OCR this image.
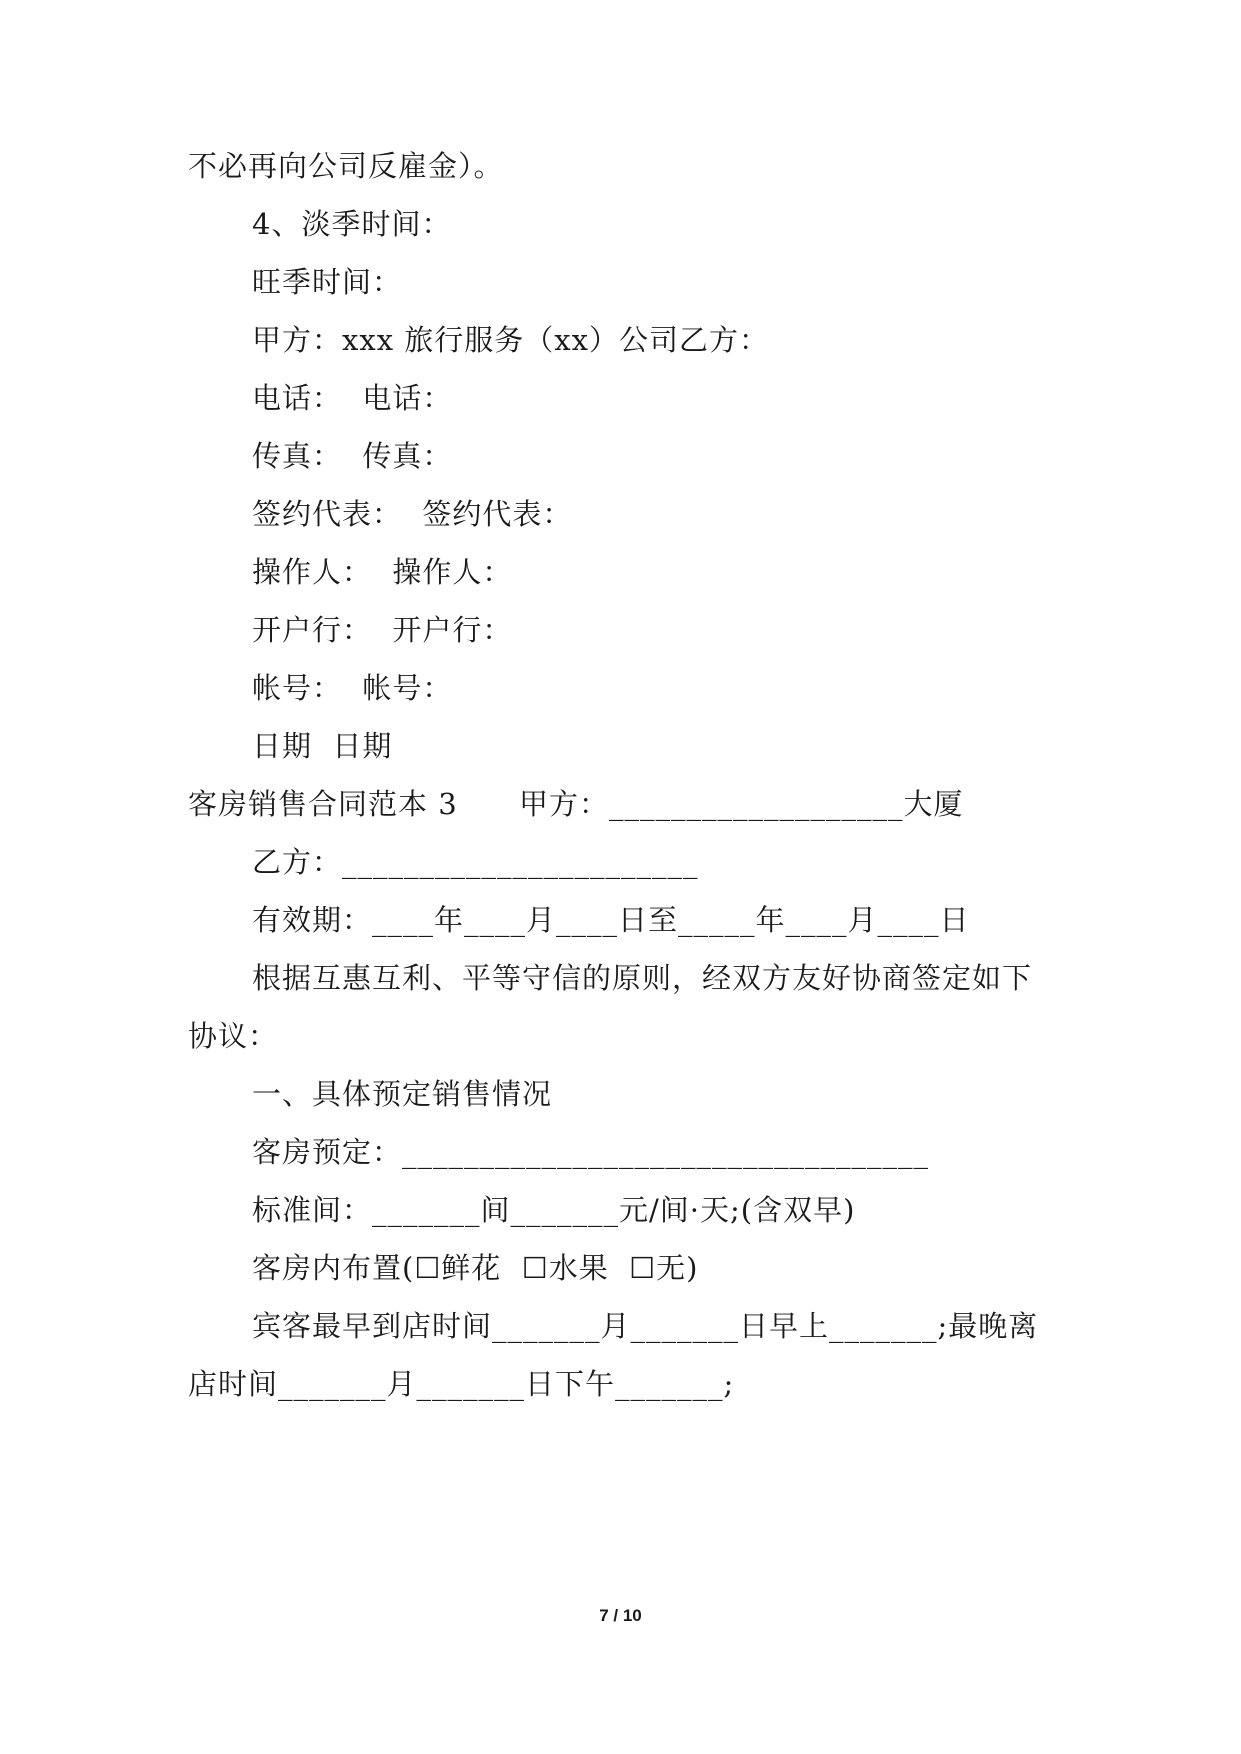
不必再向公司反雇金）。
4、淡季时间：
旺季时间：
甲方：xxx 旅行服务（xx）公司乙方：
电话：  电话：
传真：  传真：
签约代表：  签约代表：
操作人：  操作人：
开户行：  开户行：
帐号：  帐号：
日期  日期
客房销售合同范本 3      甲方：___________________大厦
乙方：_______________________
有效期：____年____月____日至_____年____月____日
根据互惠互利、平等守信的原则，经双方友好协商签定如下
协议：
一、具体预定销售情况
客房预定：__________________________________
标准间：_______间_______元/间·天;(含双早)
客房内布置(☐鲜花  ☐水果  ☐无)
宾客最早到店时间_______月_______日早上_______;最晚离
店时间_______月_______日下午_______;
7 / 10
